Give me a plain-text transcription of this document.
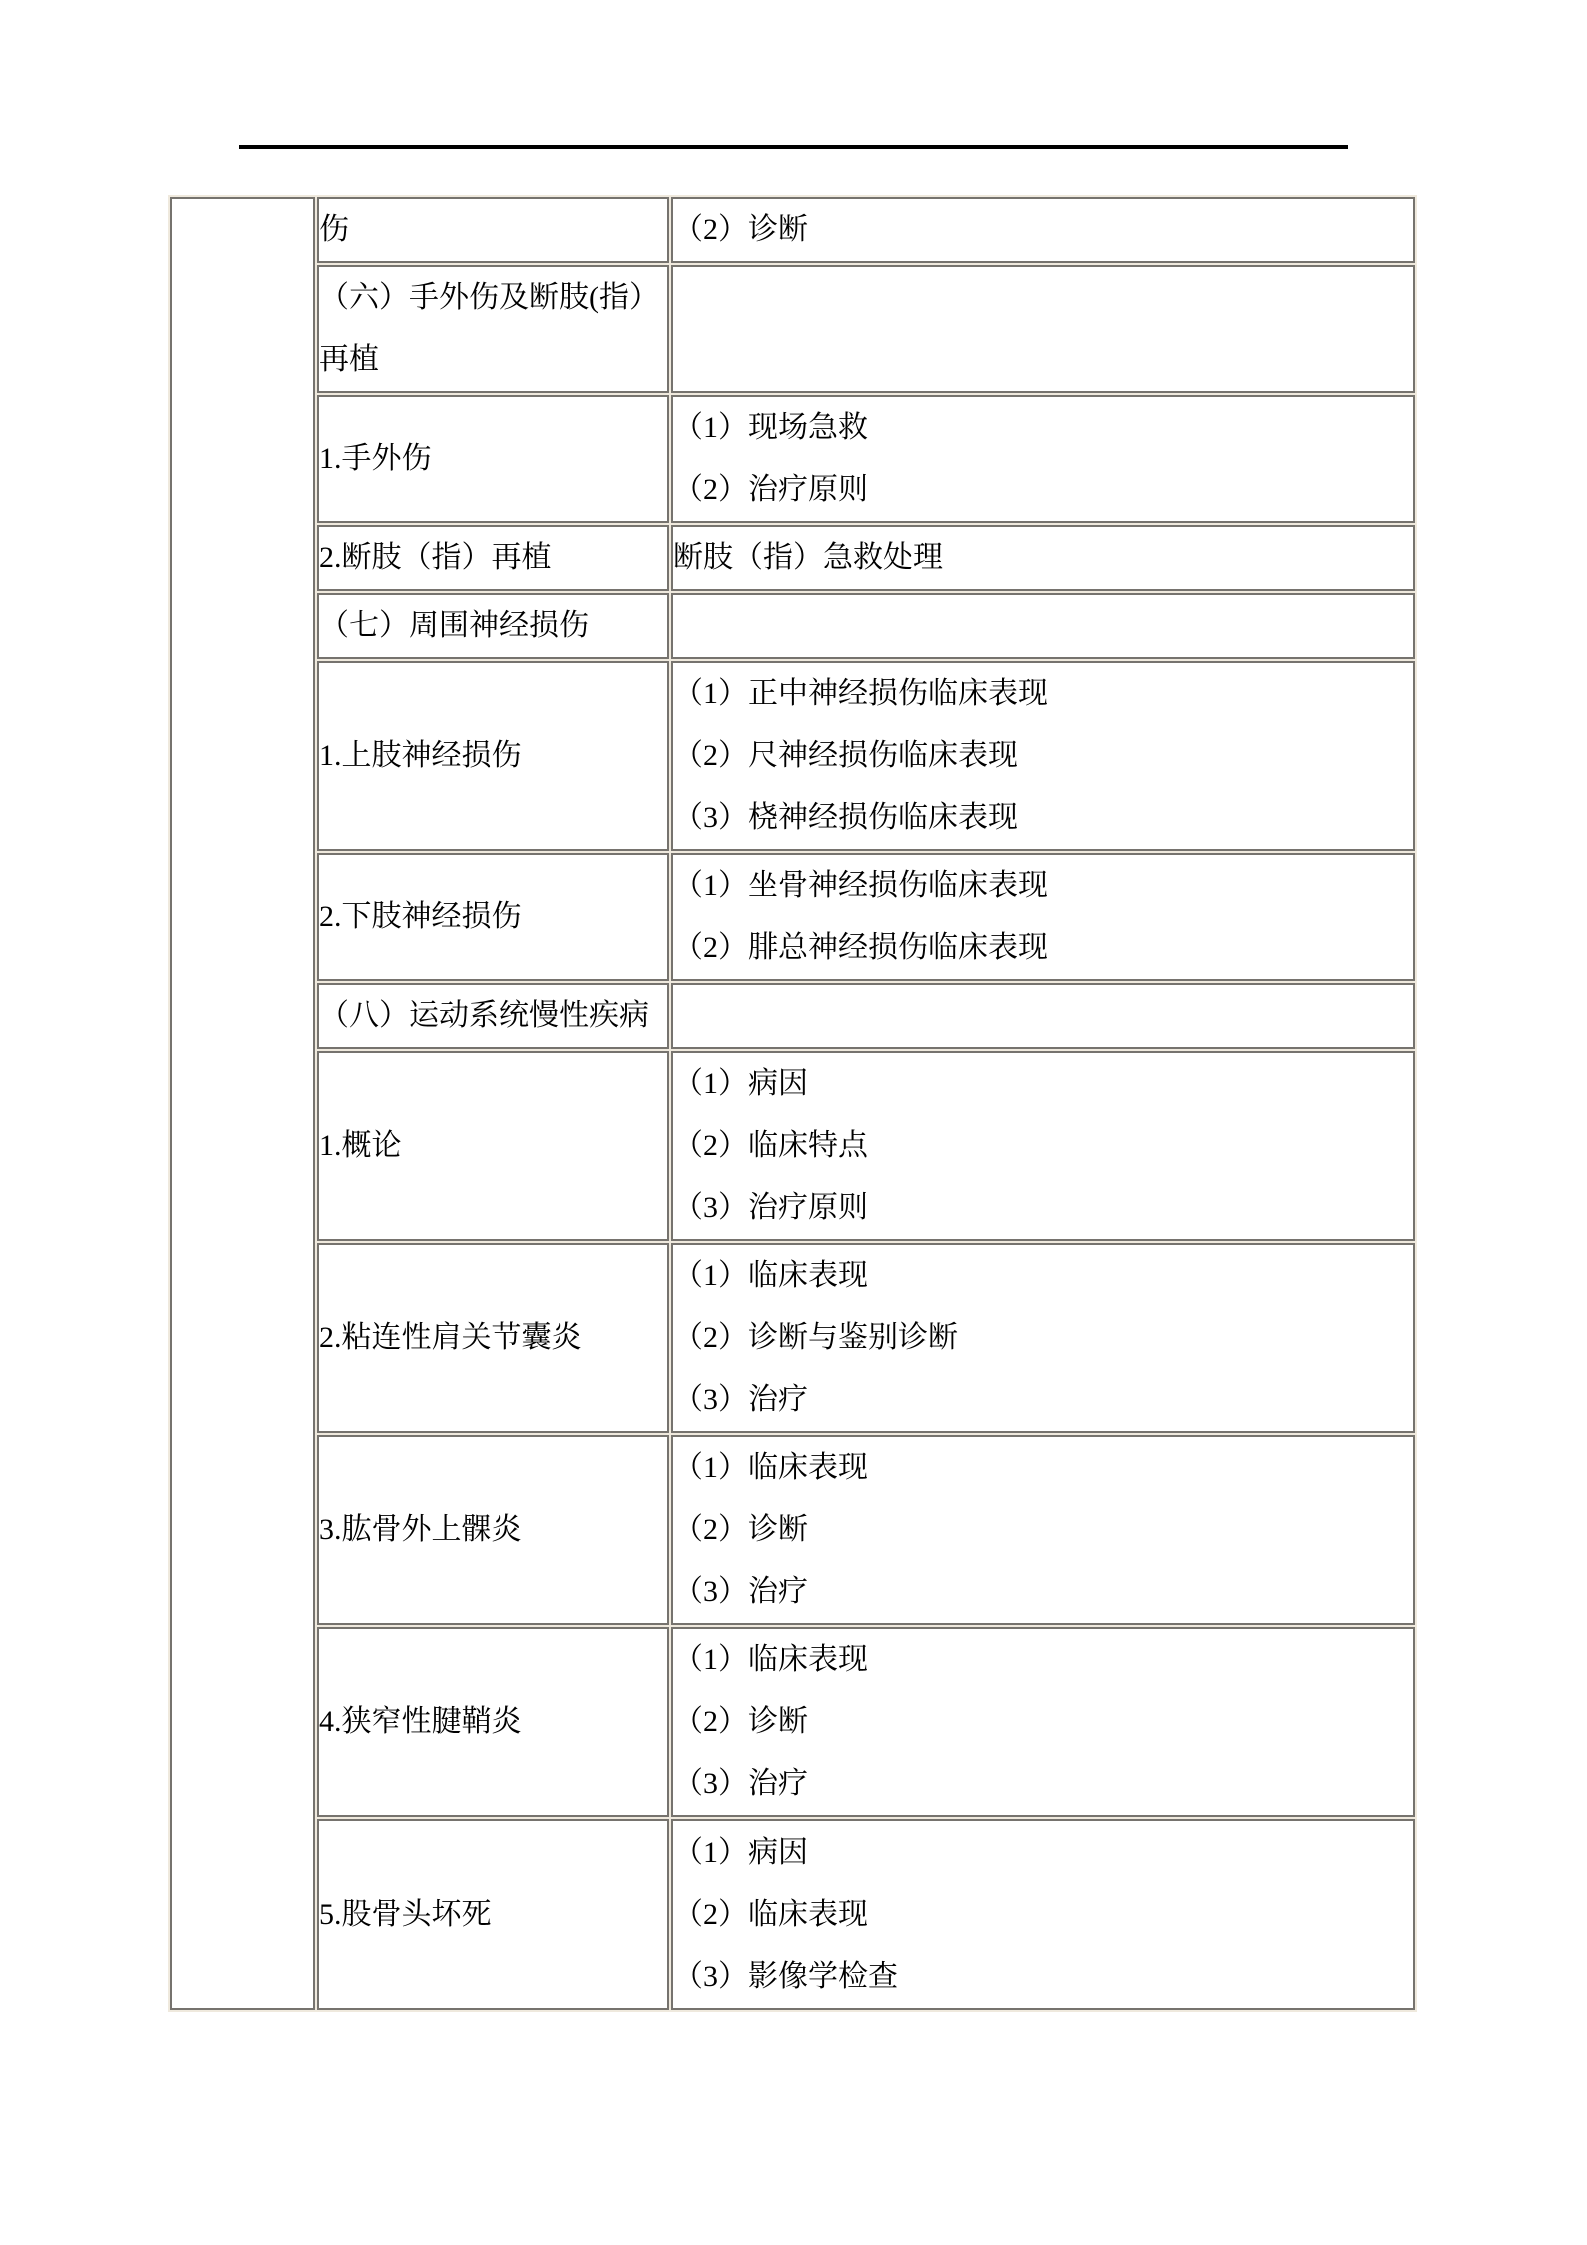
	伤	（2）诊断

	（六）手外伤及断肢(指）
再植	

	1.手外伤	（1）现场急救
（2）治疗原则

	2.断肢（指）再植	断肢（指）急救处理

	（七）周围神经损伤	

	1.上肢神经损伤	（1）正中神经损伤临床表现
（2）尺神经损伤临床表现
（3）桡神经损伤临床表现

	2.下肢神经损伤	（1）坐骨神经损伤临床表现
（2）腓总神经损伤临床表现

	（八）运动系统慢性疾病	

	1.概论	（1）病因
（2）临床特点
（3）治疗原则

	2.粘连性肩关节囊炎	（1）临床表现
（2）诊断与鉴别诊断
（3）治疗

	3.肱骨外上髁炎	（1）临床表现
（2）诊断
（3）治疗

	4.狭窄性腱鞘炎	（1）临床表现
（2）诊断
（3）治疗

	5.股骨头坏死	（1）病因
（2）临床表现
（3）影像学检查
